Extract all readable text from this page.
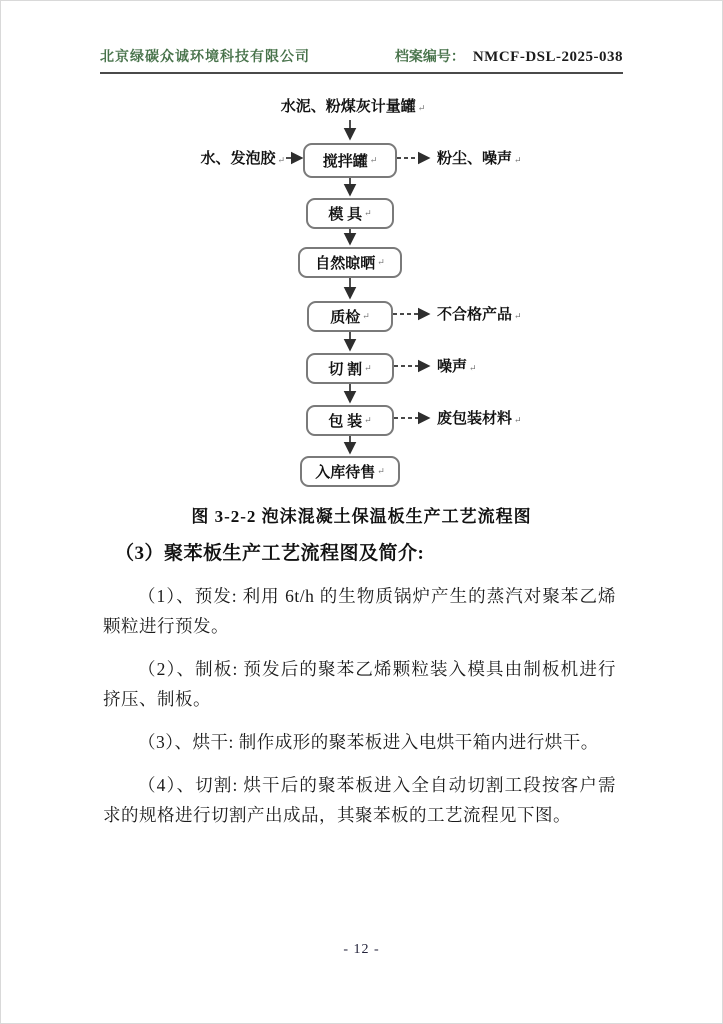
北京绿碳众诚环境科技有限公司	档案编号： NMCF-DSL-2025-038
水泥、粉煤灰计量罐 ↵
水、发泡胶 ↵	搅拌罐 ↵
模 具 ↵
自然晾晒 ↵
质检 ↵
切 割 ↵
包 装 ↵
入库待售 ↵
粉尘、噪声 ↵
不合格产品 ↵
噪声 ↵
废包装材料 ↵
图 3-2-2 泡沫混凝土保温板生产工艺流程图

（3）聚苯板生产工艺流程图及简介:

（1）、预发: 利用 6t/h 的生物质锅炉产生的蒸汽对聚苯乙烯颗粒进行预发。

（2）、制板: 预发后的聚苯乙烯颗粒装入模具由制板机进行挤压、制板。

（3）、烘干: 制作成形的聚苯板进入电烘干箱内进行烘干。

（4）、切割: 烘干后的聚苯板进入全自动切割工段按客户需求的规格进行切割产出成品，其聚苯板的工艺流程见下图。

- 12 -
